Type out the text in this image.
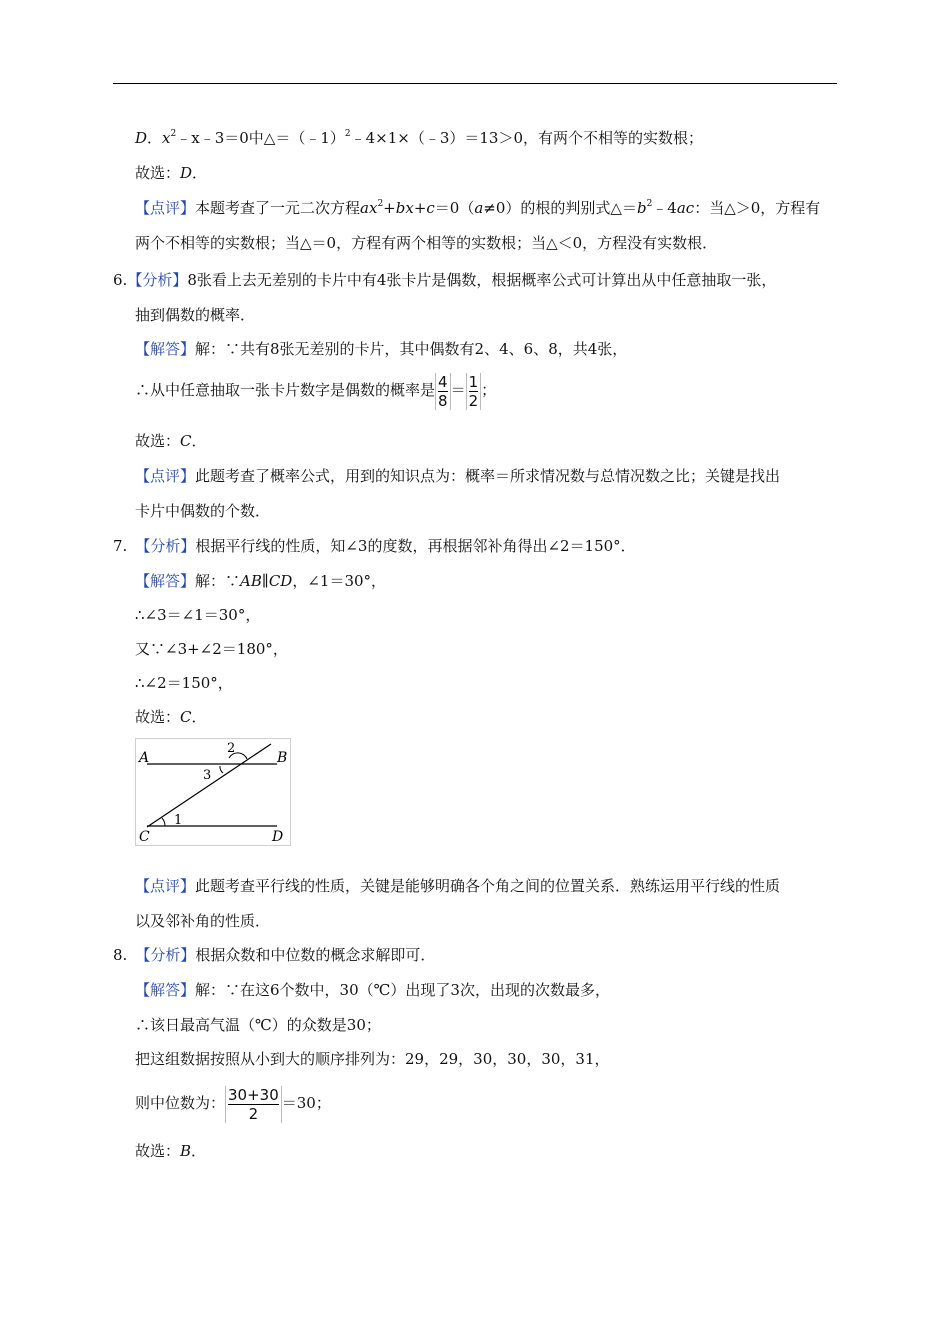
D．$x^2﹣x﹣3=0$中△＝（﹣1）$^2$﹣4×1×（﹣3）＝13＞0，有两个不相等的实数根；
故选：D．
【点评】本题考查了一元二次方程$ax^2+bx+c=0(a\ne 0)$的根的判别式$\triangle=b^2﹣4ac$：当△＞0，方程有
两个不相等的实数根；当△＝0，方程有两个相等的实数根；当△＜0，方程没有实数根．
6.【分析】8张看上去无差别的卡片中有4张卡片是偶数，根据概率公式可计算出从中任意抽取一张，
抽到偶数的概率．
【解答】解：∵共有8张无差别的卡片，其中偶数有2、4、6、8，共4张，
∴从中任意抽取一张卡片数字是偶数的概率是 $\frac{4}{8} = \frac{1}{2}$ ；
故选：C．
【点评】此题考查了概率公式，用到的知识点为：概率＝所求情况数与总情况数之比；关键是找出
卡片中偶数的个数．
7. 【分析】根据平行线的性质，知∠3的度数，再根据邻补角得出∠2＝150°．
【解答】解：∵AB∥CD，∠1＝30°，
∴∠3＝∠1＝30°，
又∵∠3+∠2＝180°，
∴∠2＝150°，
故选：C．
A	B
C	D
2
3
1
【点评】此题考查平行线的性质，关键是能够明确各个角之间的位置关系．熟练运用平行线的性质
以及邻补角的性质．
8. 【分析】根据众数和中位数的概念求解即可．
【解答】解：∵在这6个数中，30（℃）出现了3次，出现的次数最多，
∴该日最高气温（℃）的众数是30；
把这组数据按照从小到大的顺序排列为：29，29，30，30，30，31，
则中位数为： $\frac{30+30}{2} =30$；
故选：B．
